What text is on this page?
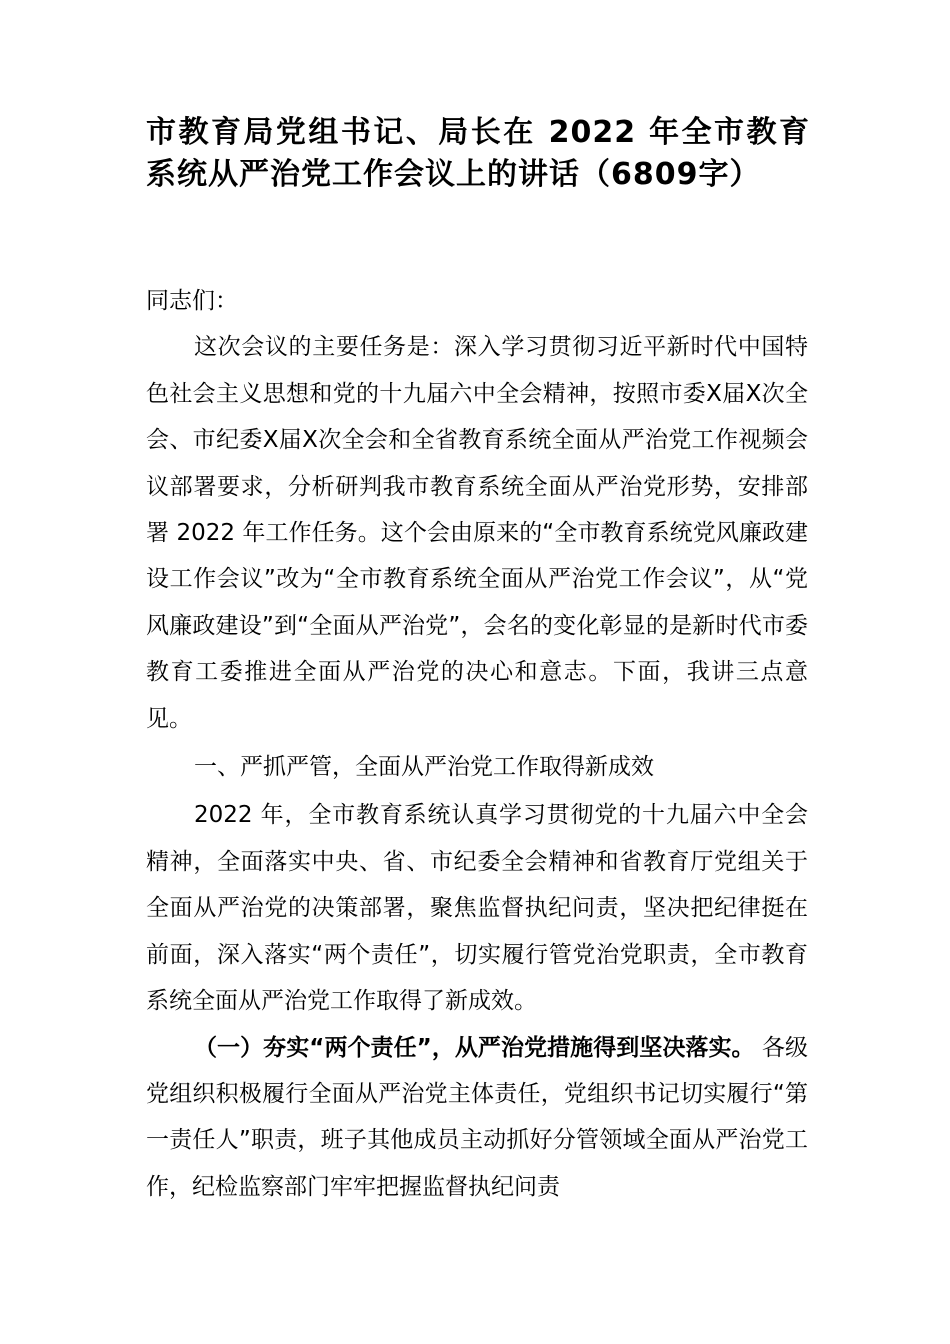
市教育局党组书记、局长在 2022 年全市教育系统从严治党工作会议上的讲话（6809字）

同志们：

这次会议的主要任务是：深入学习贯彻习近平新时代中国特色社会主义思想和党的十九届六中全会精神，按照市委X届X次全会、市纪委X届X次全会和全省教育系统全面从严治党工作视频会议部署要求，分析研判我市教育系统全面从严治党形势，安排部署 2022 年工作任务。这个会由原来的“全市教育系统党风廉政建设工作会议”改为“全市教育系统全面从严治党工作会议”，从“党风廉政建设”到“全面从严治党”，会名的变化彰显的是新时代市委教育工委推进全面从严治党的决心和意志。下面，我讲三点意见。

一、严抓严管，全面从严治党工作取得新成效

2022 年，全市教育系统认真学习贯彻党的十九届六中全会精神，全面落实中央、省、市纪委全会精神和省教育厅党组关于全面从严治党的决策部署，聚焦监督执纪问责，坚决把纪律挺在前面，深入落实“两个责任”，切实履行管党治党职责，全市教育系统全面从严治党工作取得了新成效。

（一）夯实“两个责任”，从严治党措施得到坚决落实。 各级党组织积极履行全面从严治党主体责任，党组织书记切实履行“第一责任人”职责，班子其他成员主动抓好分管领域全面从严治党工作，纪检监察部门牢牢把握监督执纪问责
